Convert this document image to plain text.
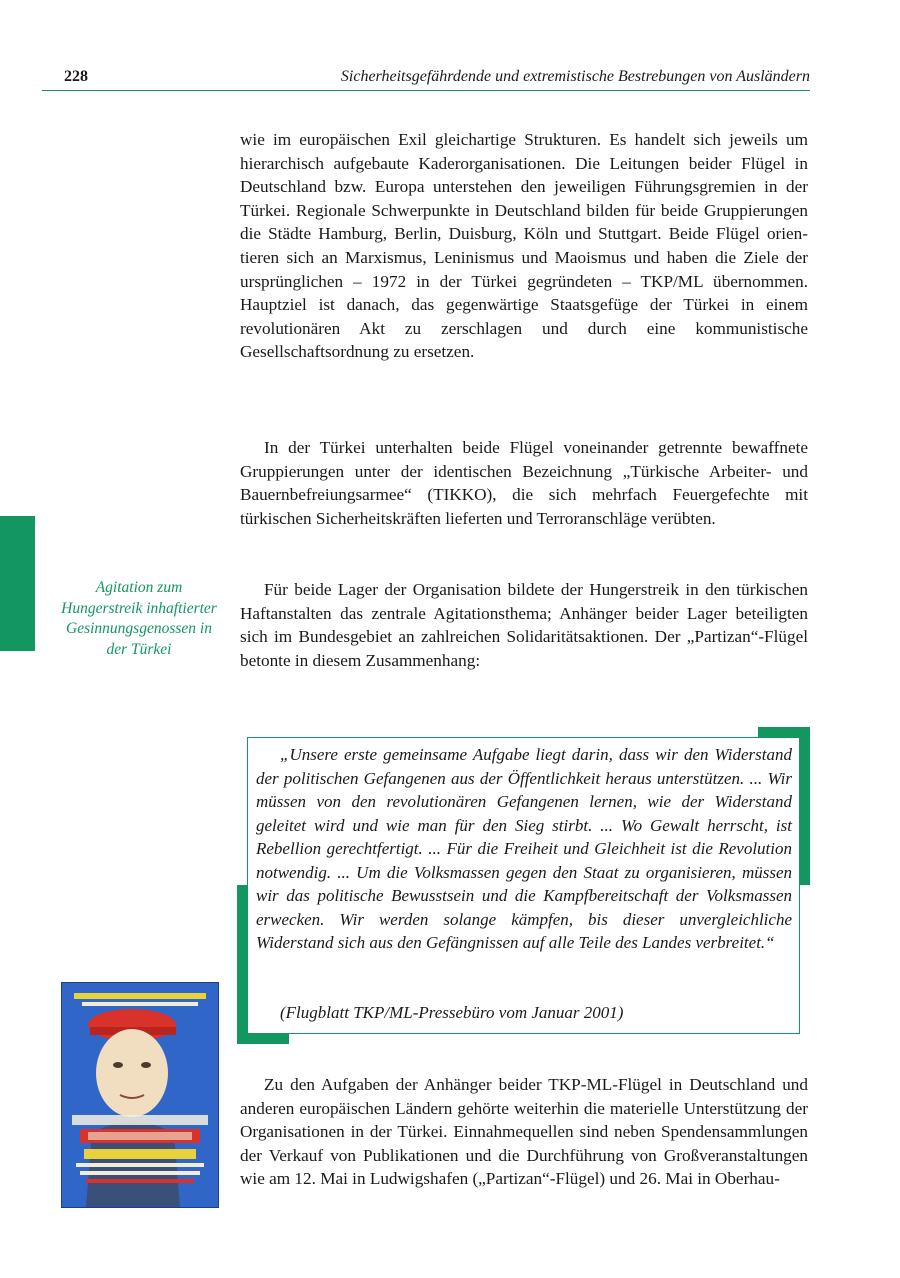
228	Sicherheitsgefährdende und extremistische Bestrebungen von Ausländern
Agitation zum Hungerstreik inhaftierter Gesinnungsgenossen in der Türkei

wie im europäischen Exil gleichartige Strukturen. Es handelt sich jeweils um hierarchisch aufgebaute Kaderorganisationen. Die Leitungen beider Flügel in Deutschland bzw. Europa unterstehen den jeweiligen Führungsgremien in der Türkei. Regionale Schwerpunkte in Deutschland bilden für beide Gruppierungen die Städte Hamburg, Berlin, Duisburg, Köln und Stuttgart. Beide Flügel orientieren sich an Marxismus, Leninismus und Maoismus und haben die Ziele der ursprünglichen – 1972 in der Türkei gegründeten – TKP/ML übernommen. Hauptziel ist danach, das gegenwärtige Staatsgefüge der Türkei in einem revolutionären Akt zu zerschlagen und durch eine kommunistische Gesellschaftsordnung zu ersetzen.

In der Türkei unterhalten beide Flügel voneinander getrennte bewaffnete Gruppierungen unter der identischen Bezeichnung „Türkische Arbeiter- und Bauernbefreiungsarmee“ (TIKKO), die sich mehrfach Feuergefechte mit türkischen Sicherheitskräften lieferten und Terroranschläge verübten.

Für beide Lager der Organisation bildete der Hungerstreik in den türkischen Haftanstalten das zentrale Agitationsthema; Anhänger beider Lager beteiligten sich im Bundesgebiet an zahlreichen Solidaritätsaktionen. Der „Partizan“-Flügel betonte in diesem Zusammenhang:

„Unsere erste gemeinsame Aufgabe liegt darin, dass wir den Widerstand der politischen Gefangenen aus der Öffentlichkeit heraus unterstützen. ... Wir müssen von den revolutionären Gefangenen lernen, wie der Widerstand geleitet wird und wie man für den Sieg stirbt. ... Wo Gewalt herrscht, ist Rebellion gerechtfertigt. ... Für die Freiheit und Gleichheit ist die Revolution notwendig. ... Um die Volksmassen gegen den Staat zu organisieren, müssen wir das politische Bewusstsein und die Kampfbereitschaft der Volksmassen erwecken. Wir werden solange kämpfen, bis dieser unvergleichliche Widerstand sich aus den Gefängnissen auf alle Teile des Landes verbreitet.“

(Flugblatt TKP/ML-Pressebüro vom Januar 2001)

Zu den Aufgaben der Anhänger beider TKP-ML-Flügel in Deutschland und anderen europäischen Ländern gehörte weiterhin die materielle Unterstützung der Organisationen in der Türkei. Einnahmequellen sind neben Spendensammlungen der Verkauf von Publikationen und die Durchführung von Großveranstaltungen wie am 12. Mai in Ludwigshafen („Partizan“-Flügel) und 26. Mai in Oberhau-
